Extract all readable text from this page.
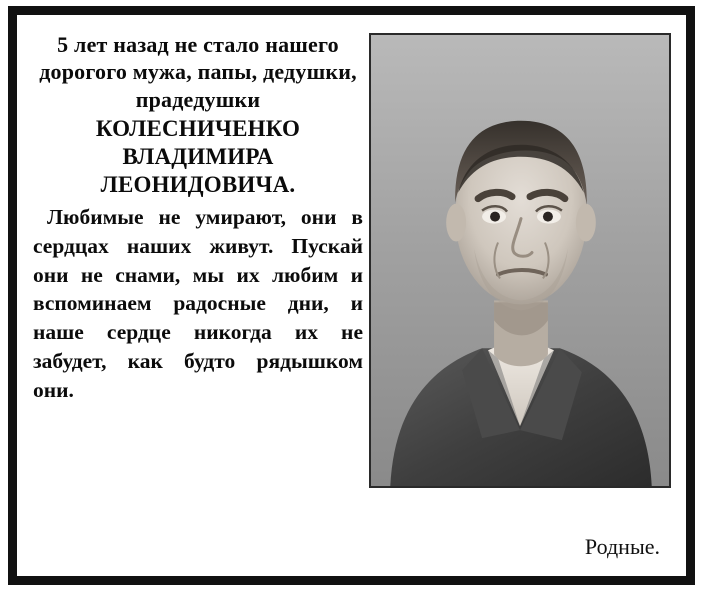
5 лет назад не стало нашего дорогого мужа, папы, дедушки, прадедушки

КОЛЕСНИЧЕНКО ВЛАДИМИРА ЛЕОНИДОВИЧА.

Любимые не умирают, они в сердцах наших живут. Пускай они не снами, мы их любим и вспоминаем радосные дни, и наше сердце никогда их не забудет, как будто рядышком они.

Родные.
